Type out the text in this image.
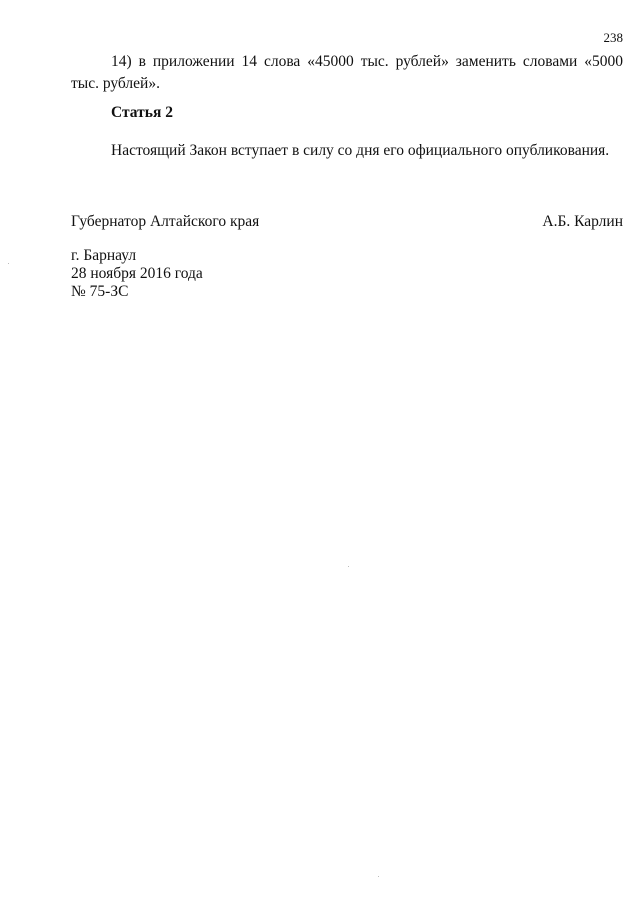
238
14) в приложении 14 слова «45000 тыс. рублей» заменить словами «5000 тыс. рублей».
Статья 2
Настоящий Закон вступает в силу со дня его официального опубликования.
Губернатор Алтайского края	А.Б. Карлин
г. Барнаул
28 ноября 2016 года
№ 75-ЗС
